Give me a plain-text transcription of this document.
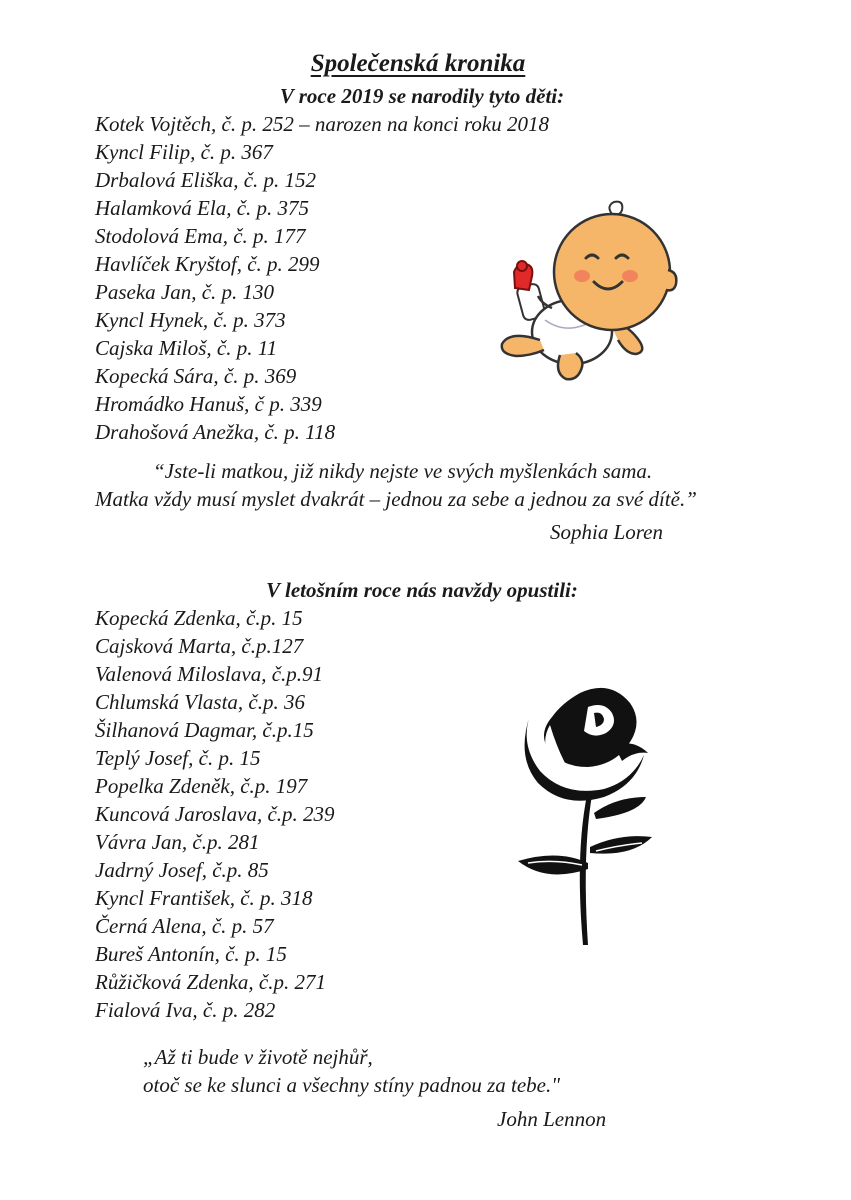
Společenská kronika
V roce 2019 se narodily tyto děti:
Kotek Vojtěch, č. p. 252 – narozen na konci roku 2018
Kyncl Filip, č. p. 367
Drbalová Eliška, č. p. 152
Halamková Ela, č. p. 375
Stodolová Ema, č. p. 177
Havlíček Kryštof, č. p. 299
Paseka Jan, č. p. 130
Kyncl Hynek, č. p. 373
Cajska Miloš, č. p. 11
Kopecká Sára, č. p. 369
Hromádko Hanuš, č p. 339
Drahošová Anežka, č. p. 118

“Jste-li matkou, již nikdy nejste ve svých myšlenkách sama.

Matka vždy musí myslet dvakrát – jednou za sebe a jednou za své dítě.”

Sophia Loren

V letošním roce nás navždy opustili:
Kopecká Zdenka, č.p. 15
Cajsková Marta, č.p.127
Valenová Miloslava, č.p.91
Chlumská Vlasta, č.p. 36
Šilhanová Dagmar, č.p.15
Teplý Josef, č. p. 15
Popelka Zdeněk, č.p. 197
Kuncová Jaroslava, č.p. 239
Vávra Jan, č.p. 281
Jadrný Josef, č.p. 85
Kyncl František, č. p. 318
Černá Alena, č. p. 57
Bureš Antonín, č. p. 15
Růžičková Zdenka, č.p. 271
Fialová Iva, č. p. 282

„Až ti bude v životě nejhůř,

otoč se ke slunci a všechny stíny padnou za tebe."

John Lennon
